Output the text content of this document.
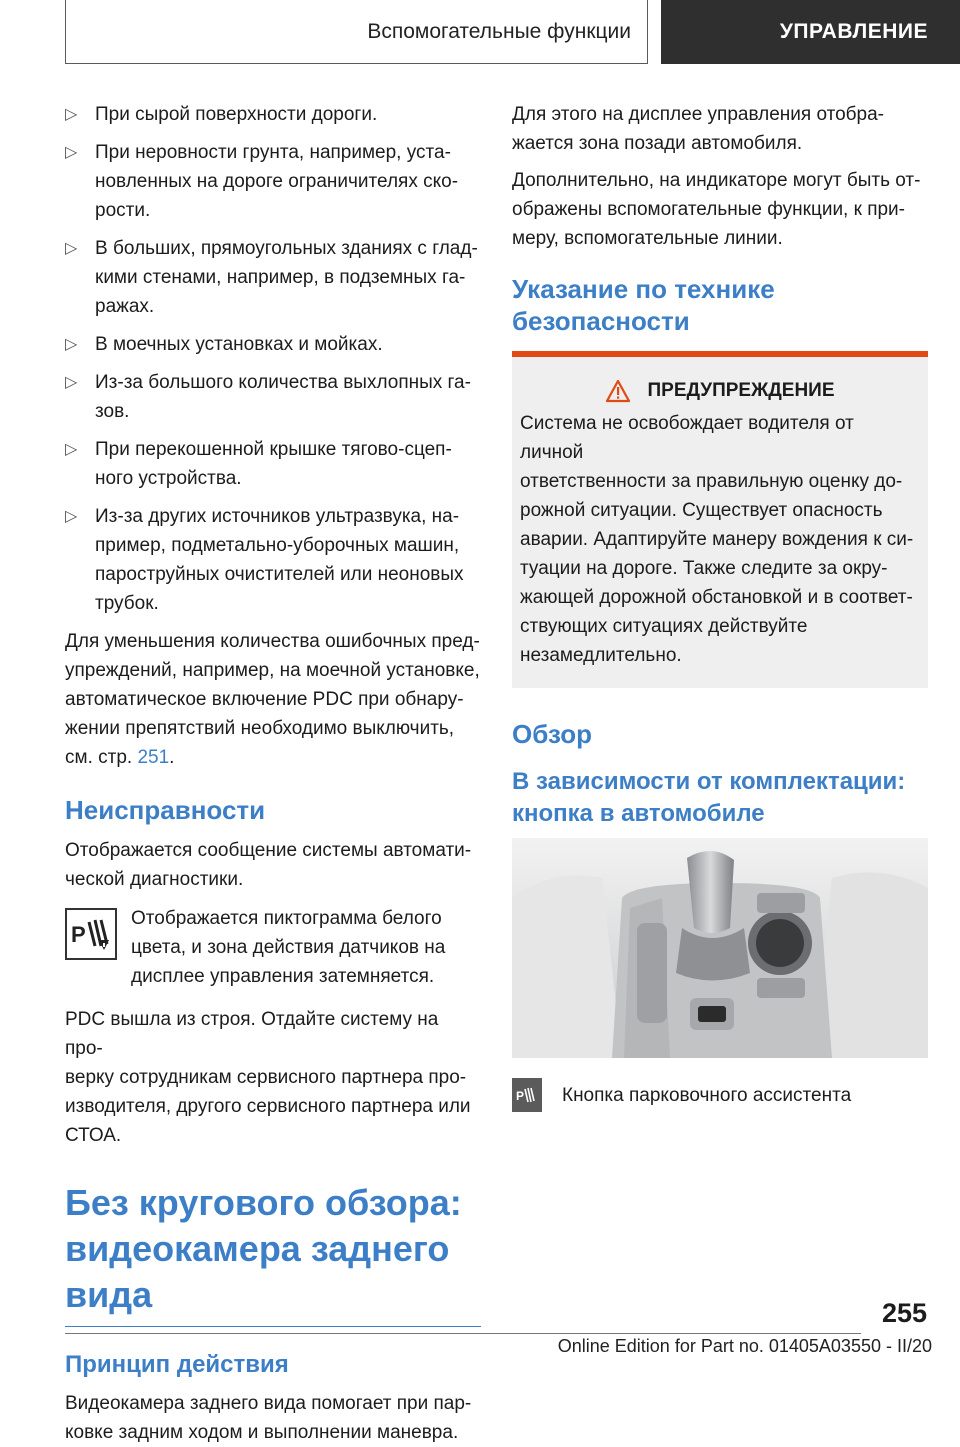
Вспомогательные функции	УПРАВЛЕНИЕ
▷ При сырой поверхности дороги.
▷ При неровности грунта, например, уста-
новленных на дороге ограничителях ско-
рости.
▷ В больших, прямоугольных зданиях с глад-
кими стенами, например, в подземных га-
ражах.
▷ В моечных установках и мойках.
▷ Из-за большого количества выхлопных га-
зов.
▷ При перекошенной крышке тягово-сцеп-
ного устройства.
▷ Из-за других источников ультразвука, на-
пример, подметально-уборочных машин,
пароструйных очистителей или неоновых
трубок.

Для уменьшения количества ошибочных пред-
упреждений, например, на моечной установке,
автоматическое включение PDC при обнару-
жении препятствий необходимо выключить,
см. стр. 251.

Неисправности

Отображается сообщение системы автомати-
ческой диагностики.

P

Отображается пиктограмма белого
цвета, и зона действия датчиков на
дисплее управления затемняется.

PDC вышла из строя. Отдайте систему на про-
верку сотрудникам сервисного партнера про-
изводителя, другого сервисного партнера или
СТОА.

Без кругового обзора:
видеокамера заднего
вида
Принцип действия

Видеокамера заднего вида помогает при пар-
ковке задним ходом и выполнении маневра.

Для этого на дисплее управления отобра-
жается зона позади автомобиля.

Дополнительно, на индикаторе могут быть от-
ображены вспомогательные функции, к при-
меру, вспомогательные линии.

Указание по технике
безопасности
ПРЕДУПРЕЖДЕНИЕ

Система не освобождает водителя от личной
ответственности за правильную оценку до-
рожной ситуации. Существует опасность
аварии. Адаптируйте манеру вождения к си-
туации на дороге. Также следите за окру-
жающей дорожной обстановкой и в соответ-
ствующих ситуациях действуйте
незамедлительно.

Обзор
В зависимости от комплектации:
кнопка в автомобиле
P Кнопка парковочного ассистента

255
Online Edition for Part no. 01405A03550 - II/20
